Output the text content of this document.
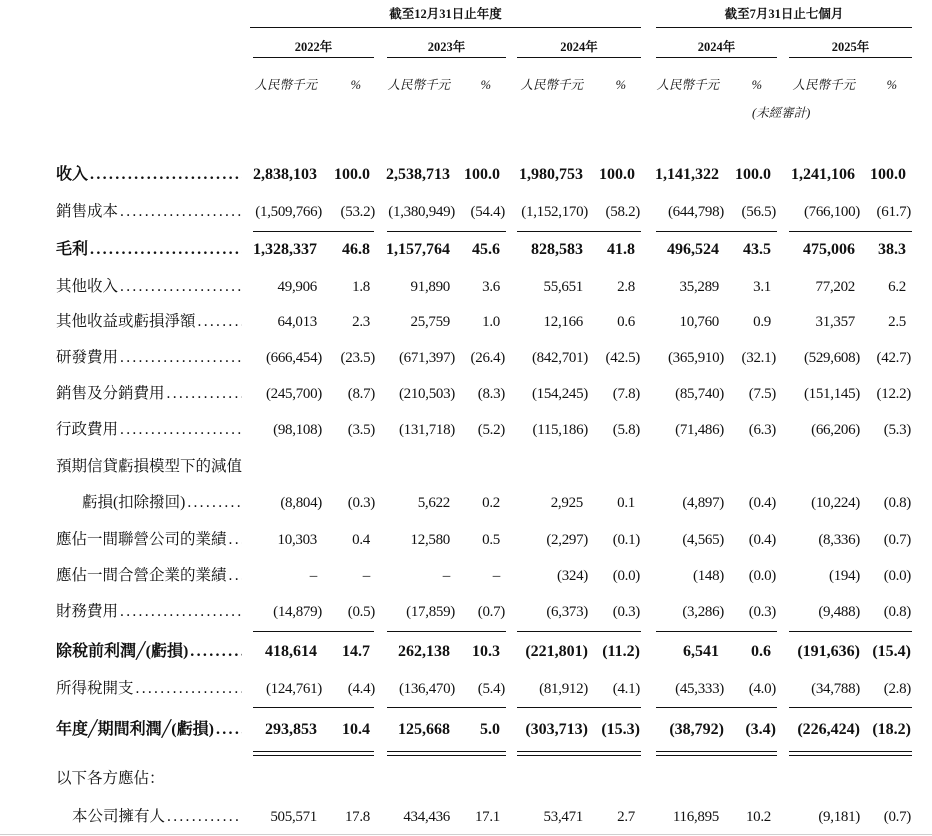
截至12月31日止年度	截至7月31日止七個月
2022年	2023年	2024年	2024年	2025年
人民幣千元	%	人民幣千元	%	人民幣千元	%	人民幣千元	%	人民幣千元	%
(未經審計)
收入 .....	2,838,103	100.0	2,538,713 100.0	1,980,753	100.0	1,141,322	100.0	1,241,106 100.0
銷售成本 .....	(1,509,766) (53.2) (1,380,949) (54.4) (1,152,170) (58.2) (644,798) (56.5) (766,100) (61.7)
毛利 .....	1,328,337	46.8	1,157,764	45.6	828,583	41.8	496,524	43.5	475,006	38.3
其他收入 .....	49,906	1.8	91,890	3.6	55,651	2.8	35,289	3.1	77,202	6.2
其他收益或虧損淨額 .....	64,013	2.3	25,759	1.0	12,166	0.6	10,760	0.9	31,357	2.5
研發費用 .....	(666,454) (23.5) (671,397) (26.4) (842,701) (42.5) (365,910) (32.1) (529,608) (42.7)
銷售及分銷費用 .....	(245,700) (8.7) (210,503) (8.3) (154,245) (7.8) (85,740) (7.5) (151,145) (12.2)
行政費用 .....	(98,108) (3.5) (131,718) (5.2) (115,186) (5.8) (71,486) (6.3) (66,206) (5.3)
預期信貸虧損模型下的減值
虧損(扣除撥回) .....	(8,804) (0.3)	5,622	0.2	2,925	0.1	(4,897) (0.4) (10,224) (0.8)
應佔一間聯營公司的業績 .....	10,303	0.4	12,580	0.5	(2,297) (0.1)	(4,565) (0.4)	(8,336) (0.7)
應佔一間合營企業的業績 .....	–	–	–	–	(324) (0.0)	(148) (0.0)	(194) (0.0)
財務費用 .....	(14,879) (0.5) (17,859) (0.7)	(6,373) (0.3)	(3,286) (0.3)	(9,488) (0.8)
除稅前利潤╱(虧損) .....	418,614	14.7	262,138	10.3	(221,801) (11.2)	6,541	0.6	(191,636) (15.4)
所得稅開支 .....	(124,761) (4.4) (136,470) (5.4) (81,912) (4.1) (45,333) (4.0) (34,788) (2.8)
年度╱期間利潤╱(虧損) .....	293,853	10.4	125,668	5.0	(303,713) (15.3) (38,792) (3.4) (226,424) (18.2)
以下各方應佔：
本公司擁有人 .....	505,571	17.8	434,436	17.1	53,471	2.7	116,895	10.2	(9,181) (0.7)
